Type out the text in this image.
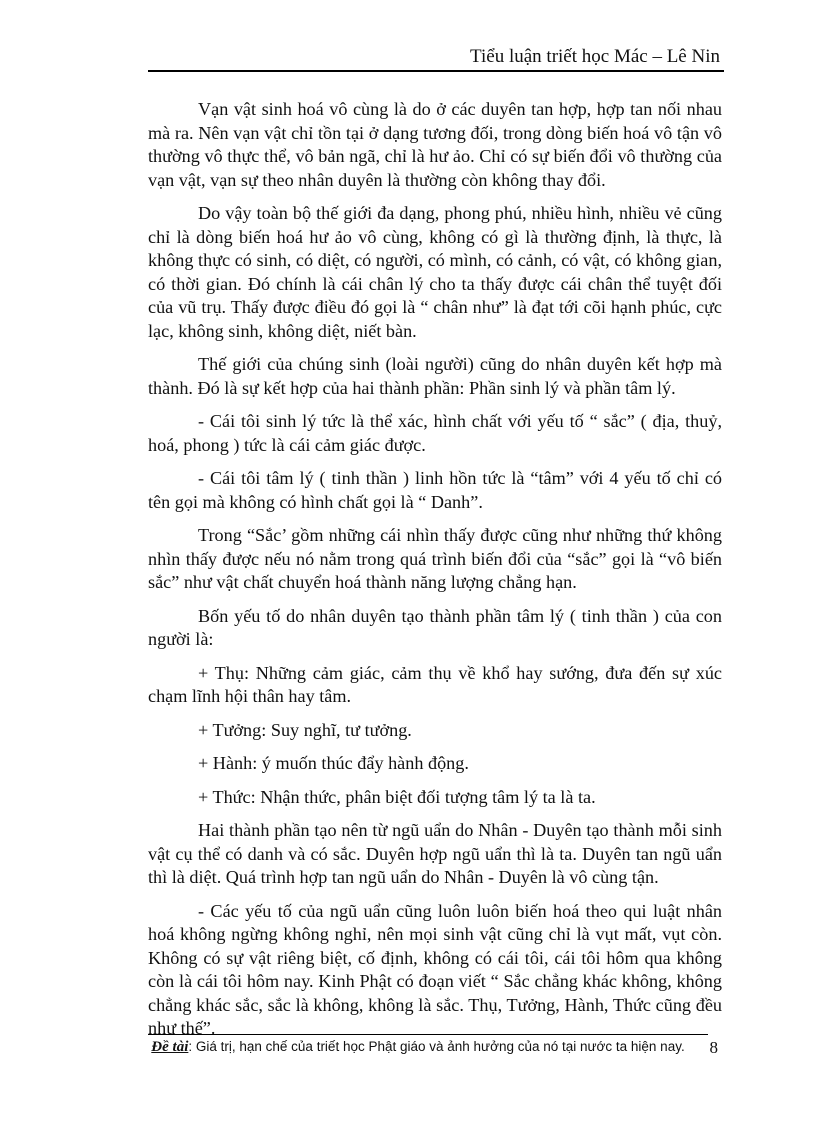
Tiểu luận triết học Mác – Lê Nin

Vạn vật sinh hoá vô cùng là do ở các duyên tan hợp, hợp tan nối nhau mà ra. Nên vạn vật chỉ tồn tại ở dạng tương đối, trong dòng biến hoá vô tận vô thường vô thực thể, vô bản ngã, chỉ là hư ảo. Chỉ có sự biến đổi vô thường của vạn vật, vạn sự theo nhân duyên là thường còn không thay đổi.

Do vậy toàn bộ thế giới đa dạng, phong phú, nhiều hình, nhiều vẻ cũng chỉ là dòng biến hoá hư ảo vô cùng, không có gì là thường định, là thực, là không thực có sinh, có diệt, có người, có mình, có cảnh, có vật, có không gian, có thời gian. Đó chính là cái chân lý cho ta thấy được cái chân thể tuyệt đối của vũ trụ. Thấy được điều đó gọi là “ chân như” là đạt tới cõi hạnh phúc, cực lạc, không sinh, không diệt, niết bàn.

Thế giới của chúng sinh (loài người) cũng do nhân duyên kết hợp mà thành. Đó là sự kết hợp của hai thành phần: Phần sinh lý và phần tâm lý.

- Cái tôi sinh lý tức là thể xác, hình chất với yếu tố “ sắc” ( địa, thuỷ, hoá, phong ) tức là cái cảm giác được.

- Cái tôi tâm lý ( tinh thần ) linh hồn tức là “tâm” với 4 yếu tố chỉ có tên gọi mà không có hình chất gọi là “ Danh”.

Trong “Sắc’ gồm những cái nhìn thấy được cũng như những thứ không nhìn thấy được nếu nó nằm trong quá trình biến đổi của “sắc” gọi là “vô biến sắc” như vật chất chuyển hoá thành năng lượng chẳng hạn.

Bốn yếu tố do nhân duyên tạo thành phần tâm lý ( tinh thần ) của con người là:

+ Thụ: Những cảm giác, cảm thụ về khổ hay sướng, đưa đến sự xúc chạm lĩnh hội thân hay tâm.

+ Tưởng: Suy nghĩ, tư tưởng.

+ Hành: ý muốn thúc đẩy hành động.

+ Thức: Nhận thức, phân biệt đối tượng tâm lý ta là ta.

Hai thành phần tạo nên từ ngũ uẩn do Nhân - Duyên tạo thành mỗi sinh vật cụ thể có danh và có sắc. Duyên hợp ngũ uẩn thì là ta. Duyên tan ngũ uẩn thì là diệt. Quá trình hợp tan ngũ uẩn do Nhân - Duyên là vô cùng tận.

- Các yếu tố của ngũ uẩn cũng luôn luôn biến hoá theo qui luật nhân hoá không ngừng không nghỉ, nên mọi sinh vật cũng chỉ là vụt mất, vụt còn. Không có sự vật riêng biệt, cố định, không có cái tôi, cái tôi hôm qua không còn là cái tôi hôm nay. Kinh Phật có đoạn viết “ Sắc chẳng khác không, không chẳng khác sắc, sắc là không, không là sắc. Thụ, Tưởng, Hành, Thức cũng đều như thế”.

Đề tài: Giá trị, hạn chế của triết học Phật giáo và ảnh hưởng của nó tại nước ta hiện nay. 8
